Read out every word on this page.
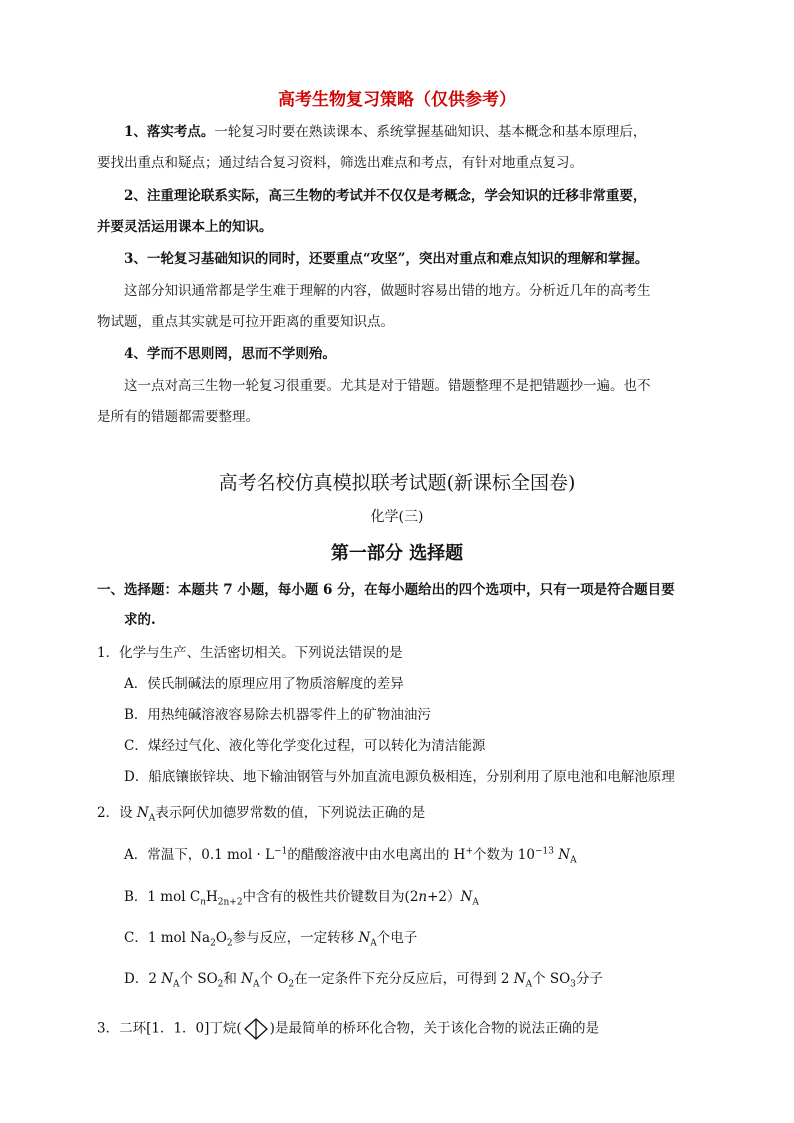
高考生物复习策略（仅供参考）
1、落实考点。一轮复习时要在熟读课本、系统掌握基础知识、基本概念和基本原理后，
要找出重点和疑点；通过结合复习资料，筛选出难点和考点，有针对地重点复习。
2、注重理论联系实际，高三生物的考试并不仅仅是考概念，学会知识的迁移非常重要，
并要灵活运用课本上的知识。
3、一轮复习基础知识的同时，还要重点“攻坚”，突出对重点和难点知识的理解和掌握。
这部分知识通常都是学生难于理解的内容，做题时容易出错的地方。分析近几年的高考生
物试题，重点其实就是可拉开距离的重要知识点。
4、学而不思则罔，思而不学则殆。
这一点对高三生物一轮复习很重要。尤其是对于错题。错题整理不是把错题抄一遍。也不
是所有的错题都需要整理。
高考名校仿真模拟联考试题(新课标全国卷)
化学(三)
第一部分 选择题
一、选择题：本题共 7 小题，每小题 6 分，在每小题给出的四个选项中，只有一项是符合题目要
求的.
1．化学与生产、生活密切相关。下列说法错误的是
A．侯氏制碱法的原理应用了物质溶解度的差异
B．用热纯碱溶液容易除去机器零件上的矿物油油污
C．煤经过气化、液化等化学变化过程，可以转化为清洁能源
D．船底镶嵌锌块、地下输油钢管与外加直流电源负极相连，分别利用了原电池和电解池原理
2．设 $N_A$表示阿伏加德罗常数的值，下列说法正确的是
A．常温下，0.1 mol · $L^{-1}$的醋酸溶液中由水电离出的 H+个数为 $10^{-13}$ $N_A$
B．1 mol $C_nH_{2n+2}$中含有的极性共价键数目为$(2n+2)N_A$
C．1 mol $Na_2O_2$参与反应，一定转移 $N_A$个电子
D．2 $N_A$个 $SO_2$和 $N_A$个 $O_2$在一定条件下充分反应后，可得到 2 $N_A$个 $SO_3$分子
3．二环[1．1．0]丁烷( )是最简单的桥环化合物，关于该化合物的说法正确的是
